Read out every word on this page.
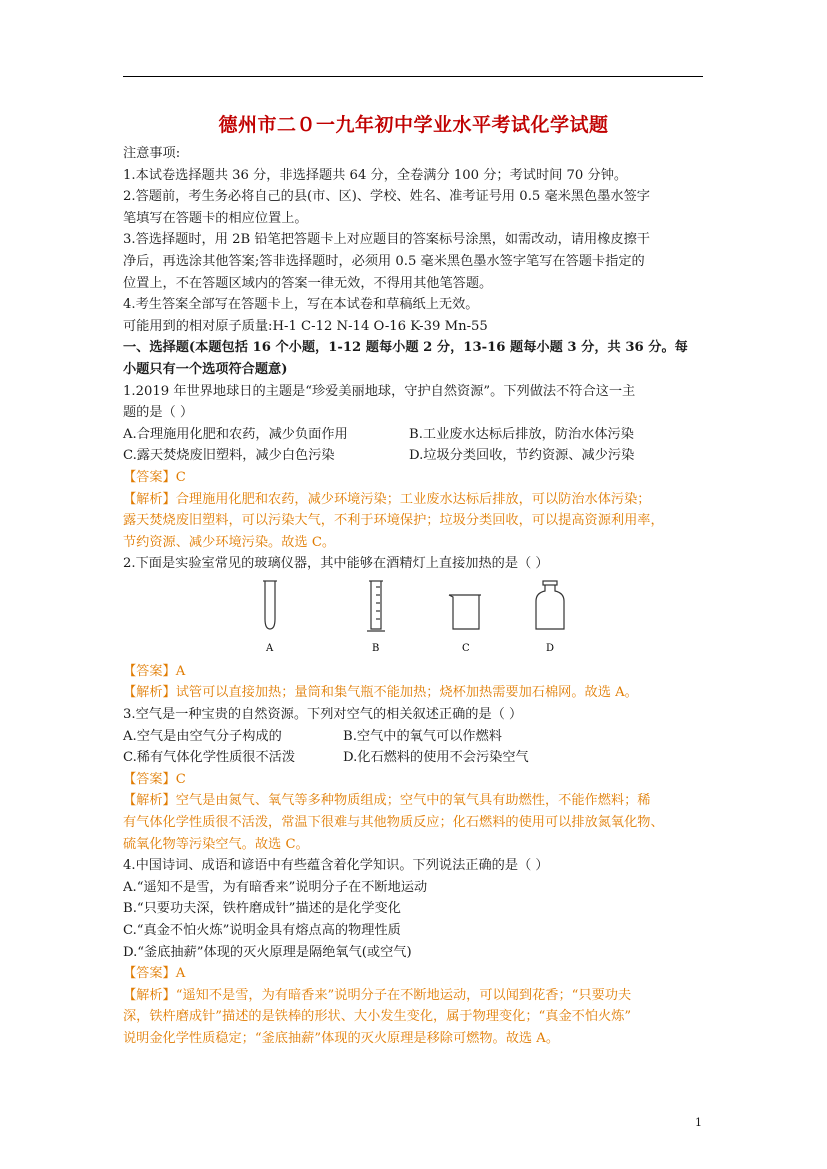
德州市二０一九年初中学业水平考试化学试题
注意事项:
1.本试卷选择题共 36 分，非选择题共 64 分，全卷满分 100 分；考试时间 70 分钟。
2.答题前，考生务必将自己的县(市、区)、学校、姓名、准考证号用 0.5 毫米黑色墨水签字
笔填写在答题卡的相应位置上。
3.答选择题时，用 2B 铅笔把答题卡上对应题目的答案标号涂黑，如需改动，请用橡皮擦干
净后，再选涂其他答案;答非选择题时，必须用 0.5 毫米黑色墨水签字笔写在答题卡指定的
位置上，不在答题区域内的答案一律无效，不得用其他笔答题。
4.考生答案全部写在答题卡上，写在本试卷和草稿纸上无效。
可能用到的相对原子质量:H-1 C-12 N-14 O-16 K-39 Mn-55
一、选择题(本题包括 16 个小题，1-12 题每小题 2 分，13-16 题每小题 3 分，共 36 分。每
小题只有一个选项符合题意)
1.2019 年世界地球日的主题是“珍爱美丽地球，守护自然资源”。下列做法不符合这一主
题的是（ ）
A.合理施用化肥和农药，减少负面作用	B.工业废水达标后排放，防治水体污染
C.露天焚烧废旧塑料，减少白色污染	D.垃圾分类回收，节约资源、减少污染
【答案】C
【解析】合理施用化肥和农药，减少环境污染；工业废水达标后排放，可以防治水体污染；
露天焚烧废旧塑料，可以污染大气，不利于环境保护；垃圾分类回收，可以提高资源利用率，
节约资源、减少环境污染。故选 C。
2.下面是实验室常见的玻璃仪器，其中能够在酒精灯上直接加热的是（ ）
A	B	C	D
【答案】A
【解析】试管可以直接加热；量筒和集气瓶不能加热；烧杯加热需要加石棉网。故选 A。
3.空气是一种宝贵的自然资源。下列对空气的相关叙述正确的是（ ）
A.空气是由空气分子构成的	B.空气中的氧气可以作燃料
C.稀有气体化学性质很不活泼	D.化石燃料的使用不会污染空气
【答案】C
【解析】空气是由氮气、氧气等多种物质组成；空气中的氧气具有助燃性，不能作燃料；稀
有气体化学性质很不活泼，常温下很难与其他物质反应；化石燃料的使用可以排放氮氧化物、
硫氧化物等污染空气。故选 C。
4.中国诗词、成语和谚语中有些蕴含着化学知识。下列说法正确的是（ ）
A.“遥知不是雪，为有暗香来”说明分子在不断地运动
B.“只要功夫深，铁杵磨成针”描述的是化学变化
C.“真金不怕火炼”说明金具有熔点高的物理性质
D.“釜底抽薪”体现的灭火原理是隔绝氧气(或空气)
【答案】A
【解析】“遥知不是雪，为有暗香来”说明分子在不断地运动，可以闻到花香；“只要功夫
深，铁杵磨成针”描述的是铁棒的形状、大小发生变化，属于物理变化；“真金不怕火炼”
说明金化学性质稳定；“釜底抽薪”体现的灭火原理是移除可燃物。故选 A。
1
